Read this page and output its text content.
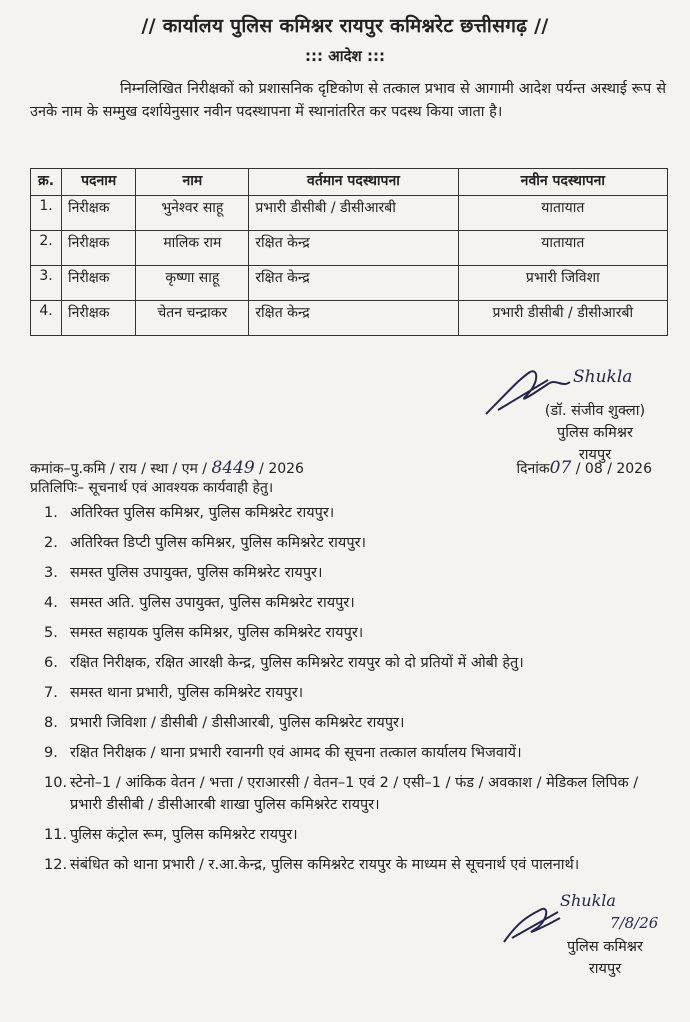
// कार्यालय पुलिस कमिश्नर रायपुर कमिश्नरेट छत्तीसगढ़ //
::: आदेश :::
निम्नलिखित निरीक्षकों को प्रशासनिक दृष्टिकोण से तत्काल प्रभाव से आगामी आदेश पर्यन्त अस्थाई रूप से उनके नाम के सम्मुख दर्शायेनुसार नवीन पदस्थापना में स्थानांतरित कर पदस्थ किया जाता है।
क्र.	पदनाम	नाम	वर्तमान पदस्थापना	नवीन पदस्थापना
1.	निरीक्षक	भुनेश्वर साहू	प्रभारी डीसीबी / डीसीआरबी	यातायात
2.	निरीक्षक	मालिक राम	रक्षित केन्द्र	यातायात
3.	निरीक्षक	कृष्णा साहू	रक्षित केन्द्र	प्रभारी जिविशा
4.	निरीक्षक	चेतन चन्द्राकर	रक्षित केन्द्र	प्रभारी डीसीबी / डीसीआरबी
Shukla
(डॉ. संजीव शुक्ला)
पुलिस कमिश्नर
रायपुर
कमांक–पु.कमि / राय / स्था / एम / 8449 / 2026	दिनांक07 / 08 / 2026
प्रतिलिपिः– सूचनार्थ एवं आवश्यक कार्यवाही हेतु।
1. अतिरिक्त पुलिस कमिश्नर, पुलिस कमिश्नरेट रायपुर।
2. अतिरिक्त डिप्टी पुलिस कमिश्नर, पुलिस कमिश्नरेट रायपुर।
3. समस्त पुलिस उपायुक्त, पुलिस कमिश्नरेट रायपुर।
4. समस्त अति. पुलिस उपायुक्त, पुलिस कमिश्नरेट रायपुर।
5. समस्त सहायक पुलिस कमिश्नर, पुलिस कमिश्नरेट रायपुर।
6. रक्षित निरीक्षक, रक्षित आरक्षी केन्द्र, पुलिस कमिश्नरेट रायपुर को दो प्रतियों में ओबी हेतु।
7. समस्त थाना प्रभारी, पुलिस कमिश्नरेट रायपुर।
8. प्रभारी जिविशा / डीसीबी / डीसीआरबी, पुलिस कमिश्नरेट रायपुर।
9. रक्षित निरीक्षक / थाना प्रभारी रवानगी एवं आमद की सूचना तत्काल कार्यालय भिजवायें।
10. स्टेनो–1 / आंकिक वेतन / भत्ता / एराआरसी / वेतन–1 एवं 2 / एसी–1 / फंड / अवकाश / मेडिकल लिपिक / प्रभारी डीसीबी / डीसीआरबी शाखा पुलिस कमिश्नरेट रायपुर।
11. पुलिस कंट्रोल रूम, पुलिस कमिश्नरेट रायपुर।
12. संबंधित को थाना प्रभारी / र.आ.केन्द्र, पुलिस कमिश्नरेट रायपुर के माध्यम से सूचनार्थ एवं पालनार्थ।
Shukla
7/8/26
पुलिस कमिश्नर
रायपुर
